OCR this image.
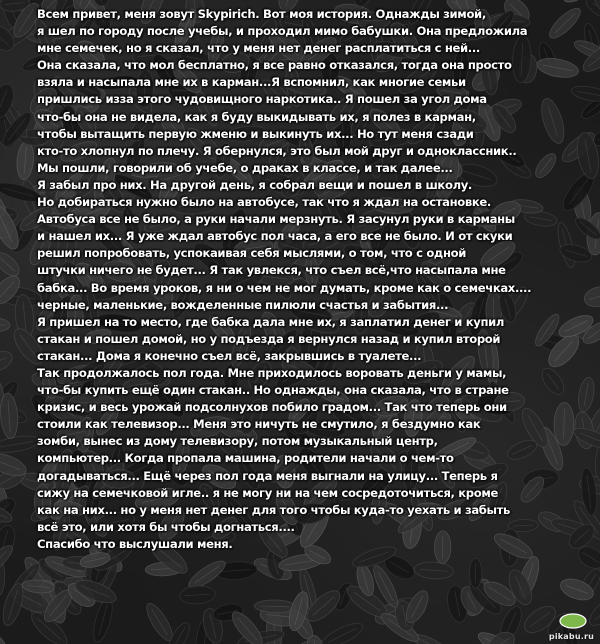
Всем привет, меня зовут Skypirich. Вот моя история. Однажды зимой,
я шел по городу после учебы, и проходил мимо бабушки. Она предложила
мне семечек, но я сказал, что у меня нет денег расплатиться с ней...
Она сказала, что мол бесплатно, я все равно отказался, тогда она просто
взяла и насыпала мне их в карман...Я вспомнил, как многие семьи
пришлись изза этого чудовищного наркотика.. Я пошел за угол дома
что-бы она не видела, как я буду выкидывать их, я полез в карман,
чтобы вытащить первую жменю и выкинуть их... Но тут меня сзади
кто-то хлопнул по плечу. Я обернулся, это был мой друг и одноклассник..
Мы пошли, говорили об учебе, о драках в классе, и так далее...
Я забыл про них. На другой день, я собрал вещи и пошел в школу.
Но добираться нужно было на автобусе, так что я ждал на остановке.
Автобуса все не было, а руки начали мерзнуть. Я засунул руки в карманы
и нашел их... Я уже ждал автобус пол часа, а его все не было. И от скуки
решил попробовать, успокаивая себя мыслями, о том, что с одной
штучки ничего не будет... Я так увлекся, что съел всё,что насыпала мне
бабка... Во время уроков, я ни о чем не мог думать, кроме как о семечках....
черные, маленькие, вожделенные пилюли счастья и забытия...
Я пришел на то место, где бабка дала мне их, я заплатил денег и купил
стакан и пошел домой, но у подъезда я вернулся назад и купил второй
стакан... Дома я конечно съел всё, закрывшись в туалете...
Так продолжалось пол года. Мне приходилось воровать деньги у мамы,
что-бы купить ещё один стакан.. Но однажды, она сказала, что в стране
кризис, и весь урожай подсолнухов побило градом... Так что теперь они
стоили как телевизор... Меня это ничуть не смутило, я бездумно как
зомби, вынес из дому телевизору, потом музыкальный центр,
компьютер... Когда пропала машина, родители начали о чем-то
догадываться... Ещё через пол года меня выгнали на улицу... Теперь я
сижу на семечковой игле.. я не могу ни на чем сосредоточиться, кроме
как на них... но у меня нет денег для того чтобы куда-то уехать и забыть
всё это, или хотя бы чтобы догнаться....
Спасибо что выслушали меня.
pikabu.ru
